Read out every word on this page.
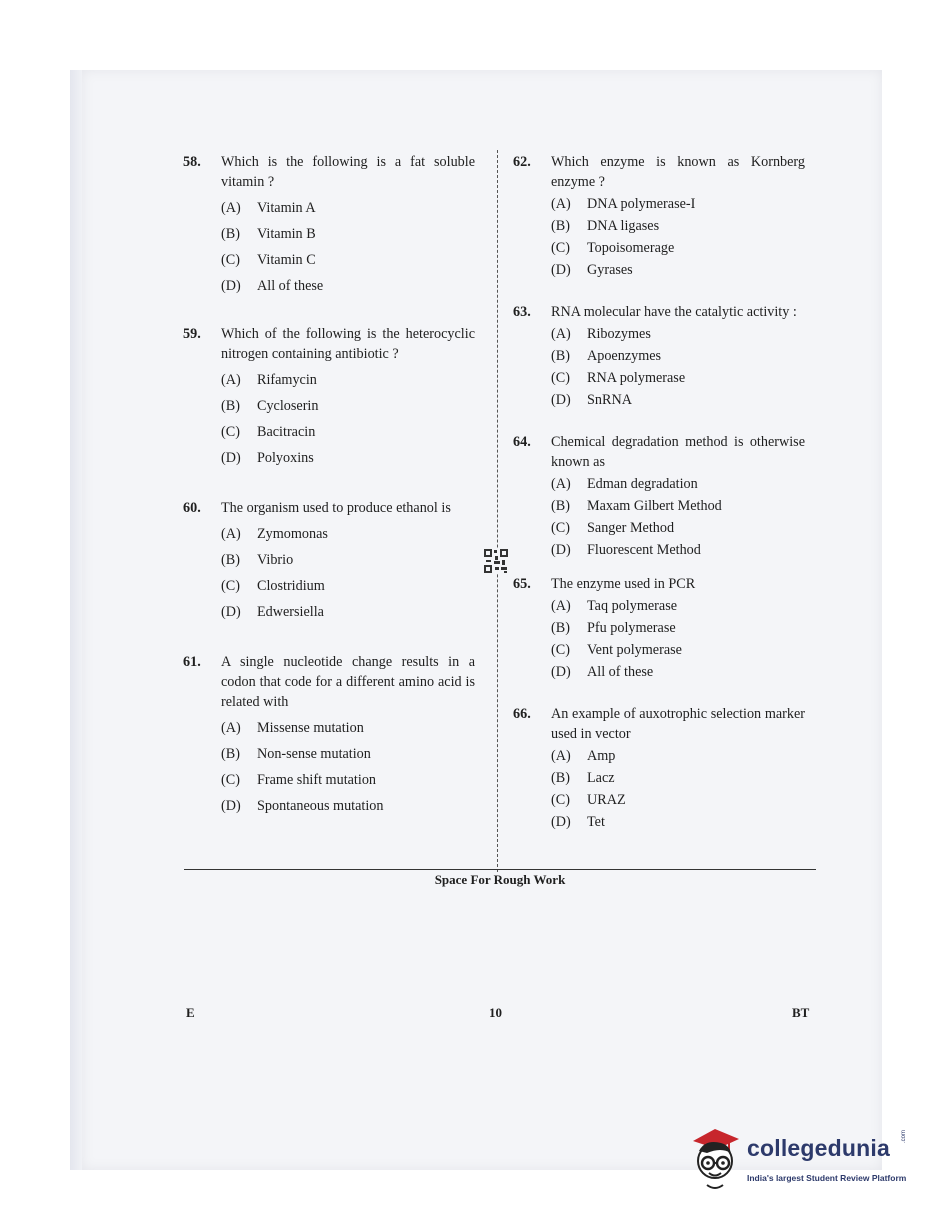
58.	Which is the following is a fat soluble vitamin ?
(A)	Vitamin A
(B)	Vitamin B
(C)	Vitamin C
(D)	All of these
59.	Which of the following is the heterocyclic nitrogen containing antibiotic ?
(A)	Rifamycin
(B)	Cycloserin
(C)	Bacitracin
(D)	Polyoxins
60.	The organism used to produce ethanol is
(A)	Zymomonas
(B)	Vibrio
(C)	Clostridium
(D)	Edwersiella
61.	A single nucleotide change results in a codon that code for a different amino acid is related with
(A)	Missense mutation
(B)	Non-sense mutation
(C)	Frame shift mutation
(D)	Spontaneous mutation
62.	Which enzyme is known as Kornberg enzyme ?
(A)	DNA polymerase-I
(B)	DNA ligases
(C)	Topoisomerage
(D)	Gyrases
63.	RNA molecular have the catalytic activity :
(A)	Ribozymes
(B)	Apoenzymes
(C)	RNA polymerase
(D)	SnRNA
64.	Chemical degradation method is otherwise known as
(A)	Edman degradation
(B)	Maxam Gilbert Method
(C)	Sanger Method
(D)	Fluorescent Method
65.	The enzyme used in PCR
(A)	Taq polymerase
(B)	Pfu polymerase
(C)	Vent polymerase
(D)	All of these
66.	An example of auxotrophic selection marker used in vector
(A)	Amp
(B)	Lacz
(C)	URAZ
(D)	Tet
Space For Rough Work
E	10	BT
collegedunia .com
India's largest Student Review Platform
